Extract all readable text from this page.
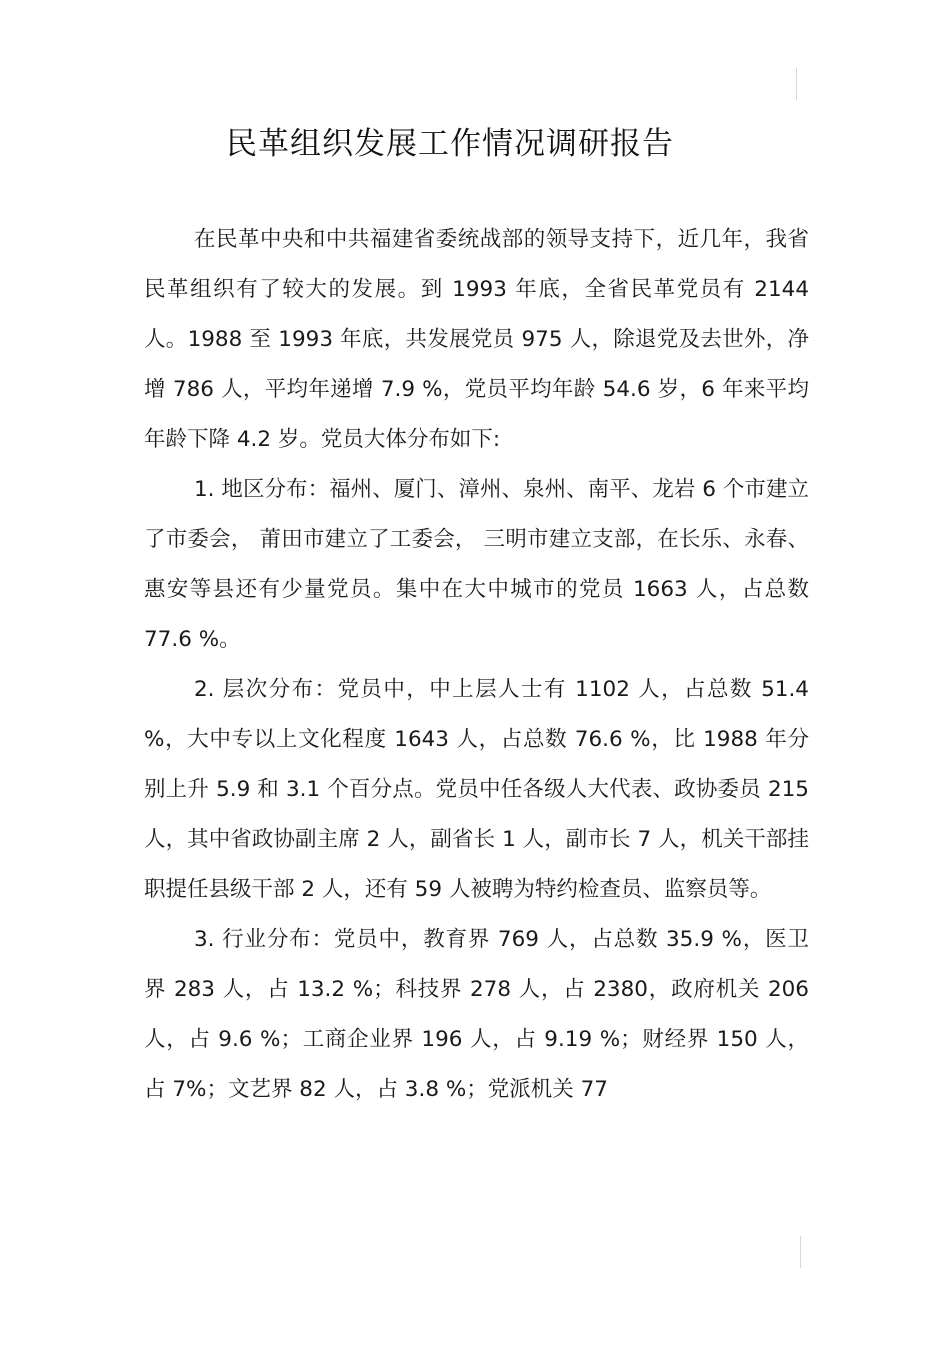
民革组织发展工作情况调研报告

在民革中央和中共福建省委统战部的领导支持下，近几年，我省民革组织有了较大的发展。到 1993 年底，全省民革党员有 2144 人。1988 至 1993 年底，共发展党员 975 人，除退党及去世外，净增 786 人，平均年递增 7.9 %，党员平均年龄 54.6 岁，6 年来平均年龄下降 4.2 岁。党员大体分布如下:

1. 地区分布：福州、厦门、漳州、泉州、南平、龙岩 6 个市建立了市委会， 莆田市建立了工委会， 三明市建立支部，在长乐、永春、惠安等县还有少量党员。集中在大中城市的党员 1663 人，占总数 77.6 %。

2. 层次分布：党员中，中上层人士有 1102 人，占总数 51.4 %，大中专以上文化程度 1643 人，占总数 76.6 %，比 1988 年分别上升 5.9 和 3.1 个百分点。党员中任各级人大代表、政协委员 215 人，其中省政协副主席 2 人，副省长 1 人，副市长 7 人，机关干部挂职提任县级干部 2 人，还有 59 人被聘为特约检查员、监察员等。

3. 行业分布：党员中，教育界 769 人，占总数 35.9 %，医卫界 283 人，占 13.2 %；科技界 278 人，占 2380，政府机关 206 人，占 9.6 %；工商企业界 196 人，占 9.19 %；财经界 150 人，占 7%；文艺界 82 人，占 3.8 %；党派机关 77
